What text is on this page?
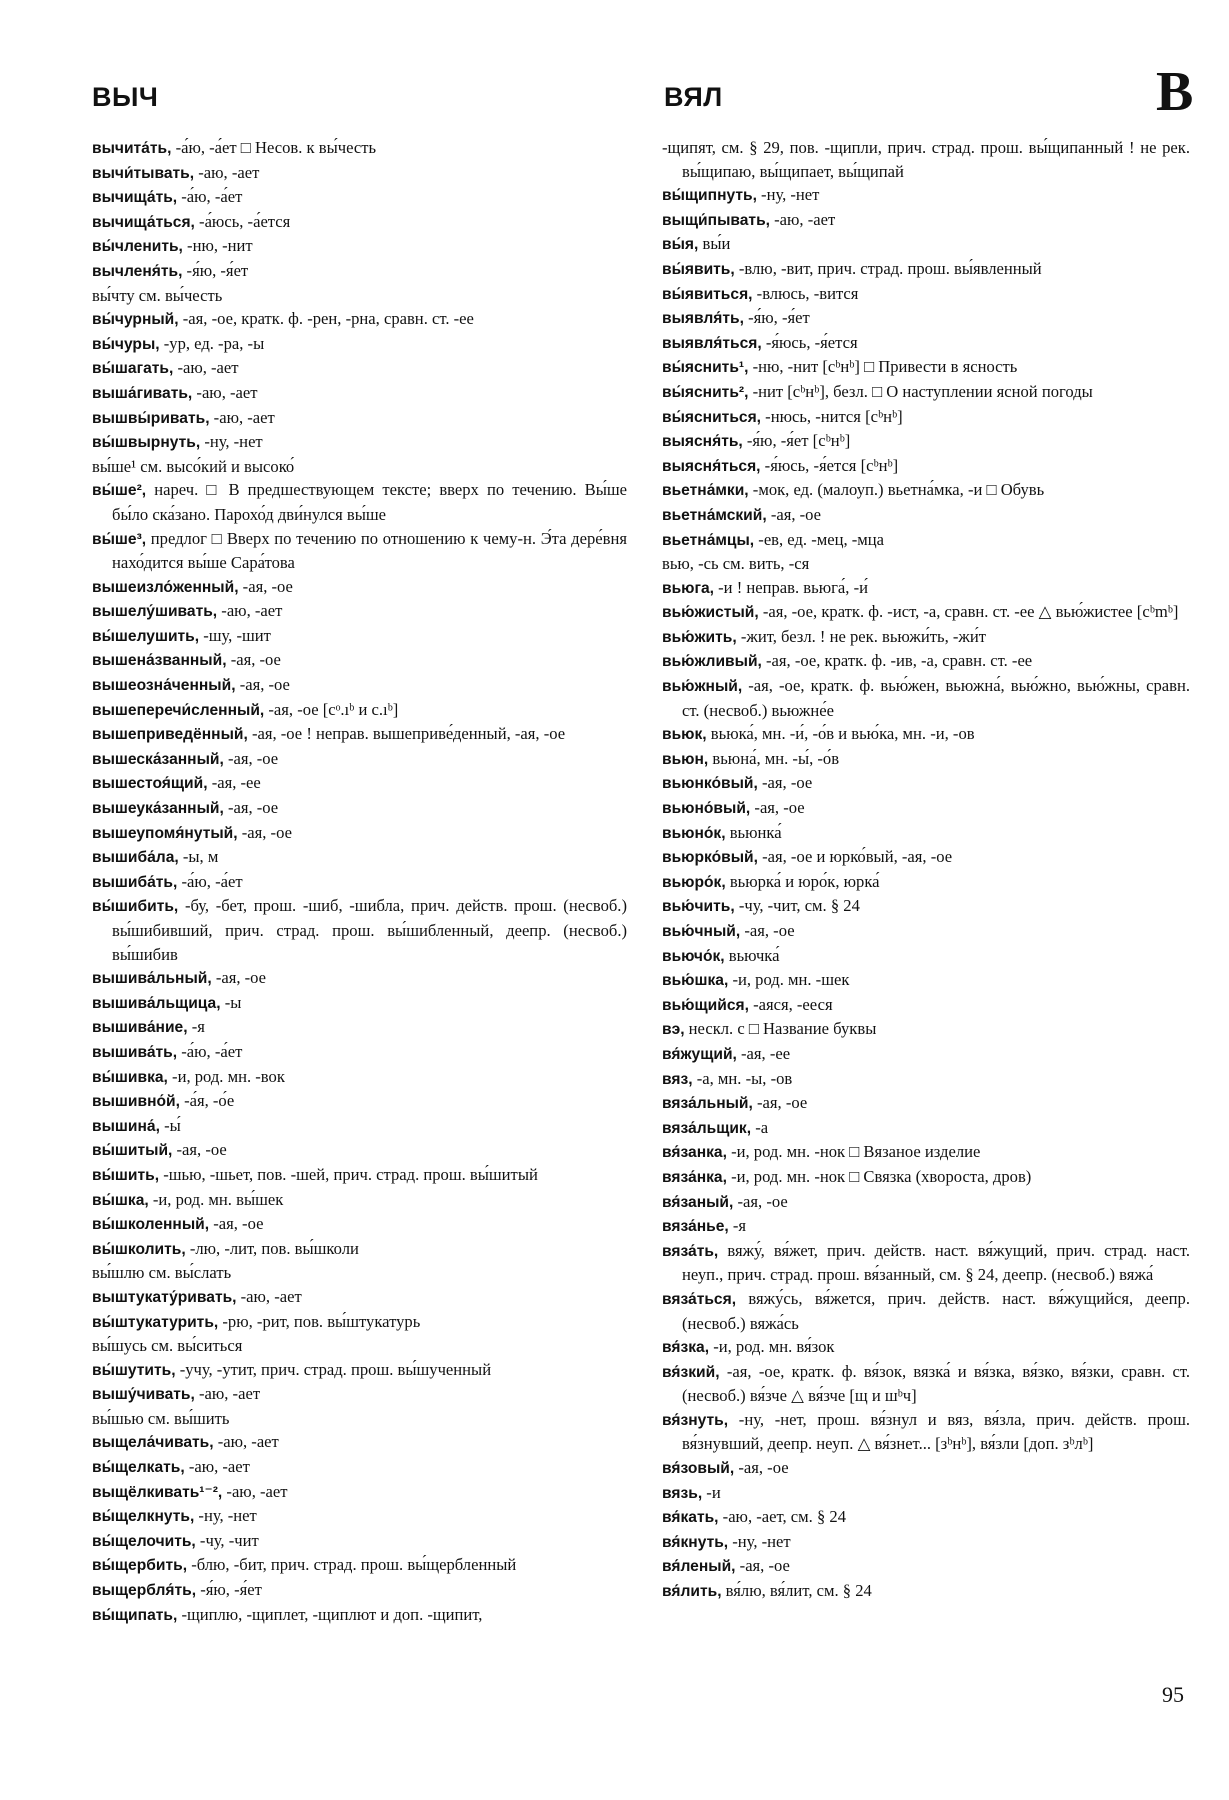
ВЫЧ	ВЯЛ	В

вычита́ть, -а́ю, -а́ет □ Несов. к вы́честь

вычи́тывать, -аю, -ает

вычища́ть, -а́ю, -а́ет

вычища́ться, -а́юсь, -а́ется

вы́членить, -ню, -нит

вычленя́ть, -я́ю, -я́ет

вы́чту см. вы́честь

вы́чурный, -ая, -ое, кратк. ф. -рен, -рна, сравн. ст. -ее

вы́чуры, -ур, ед. -ра, -ы

вы́шагать, -аю, -ает

выша́гивать, -аю, -ает

вышвы́ривать, -аю, -ает

вы́швырнуть, -ну, -нет

вы́ше¹ см. высо́кий и высоко́

вы́ше², нареч. □ В предшествующем тексте; вверх по течению. Вы́ше бы́ло ска́зано. Парохо́д дви́нулся вы́ше

вы́ше³, предлог □ Вверх по течению по отношению к чему-н. Э́та дере́вня нахо́дится вы́ше Сара́това

вышеизло́женный, -ая, -ое

вышелу́шивать, -аю, -ает

вы́шелушить, -шу, -шит

вышена́званный, -ая, -ое

вышеозна́ченный, -ая, -ое

вышеперечи́сленный, -ая, -ое [сᵒ.ıᵇ и с.ıᵇ]

вышеприведённый, -ая, -ое ! неправ. вышеприве́денный, -ая, -ое

вышеска́занный, -ая, -ое

вышестоя́щий, -ая, -ее

вышеука́занный, -ая, -ое

вышеупомя́нутый, -ая, -ое

вышиба́ла, -ы, м

вышиба́ть, -а́ю, -а́ет

вы́шибить, -бу, -бет, прош. -шиб, -шибла, прич. действ. прош. (несвоб.) вы́шибивший, прич. страд. прош. вы́шибленный, деепр. (несвоб.) вы́шибив

вышива́льный, -ая, -ое

вышива́льщица, -ы

вышива́ние, -я

вышива́ть, -а́ю, -а́ет

вы́шивка, -и, род. мн. -вок

вышивно́й, -а́я, -о́е

вышина́, -ы́

вы́шитый, -ая, -ое

вы́шить, -шью, -шьет, пов. -шей, прич. страд. прош. вы́шитый

вы́шка, -и, род. мн. вы́шек

вы́школенный, -ая, -ое

вы́школить, -лю, -лит, пов. вы́школи

вы́шлю см. вы́слать

выштукату́ривать, -аю, -ает

вы́штукатурить, -рю, -рит, пов. вы́штукатурь

вы́шусь см. вы́ситься

вы́шутить, -учу, -утит, прич. страд. прош. вы́шученный

вышу́чивать, -аю, -ает

вы́шью см. вы́шить

выщела́чивать, -аю, -ает

вы́щелкать, -аю, -ает

выщёлкивать¹⁻², -аю, -ает

вы́щелкнуть, -ну, -нет

вы́щелочить, -чу, -чит

вы́щербить, -блю, -бит, прич. страд. прош. вы́щербленный

выщербля́ть, -я́ю, -я́ет

вы́щипать, -щиплю, -щиплет, -щиплют и доп. -щипит,

-щипят, см. § 29, пов. -щипли, прич. страд. прош. вы́щипанный ! не рек. вы́щипаю, вы́щипает, вы́щипай

вы́щипнуть, -ну, -нет

выщи́пывать, -аю, -ает

вы́я, вы́и

вы́явить, -влю, -вит, прич. страд. прош. вы́явленный

вы́явиться, -влюсь, -вится

выявля́ть, -я́ю, -я́ет

выявля́ться, -я́юсь, -я́ется

вы́яснить¹, -ню, -нит [сᵇнᵇ] □ Привести в ясность

вы́яснить², -нит [сᵇнᵇ], безл. □ О наступлении ясной погоды

вы́ясниться, -нюсь, -нится [сᵇнᵇ]

выясня́ть, -я́ю, -я́ет [сᵇнᵇ]

выясня́ться, -я́юсь, -я́ется [сᵇнᵇ]

вьетна́мки, -мок, ед. (малоуп.) вьетна́мка, -и □ Обувь

вьетна́мский, -ая, -ое

вьетна́мцы, -ев, ед. -мец, -мца

вью, -сь см. вить, -ся

вьюга, -и ! неправ. вьюга́, -и́

вью́жистый, -ая, -ое, кратк. ф. -ист, -а, сравн. ст. -ее △ вью́жистее [сᵇmᵇ]

вью́жить, -жит, безл. ! не рек. вьюжи́ть, -жи́т

вью́жливый, -ая, -ое, кратк. ф. -ив, -а, сравн. ст. -ее

вью́жный, -ая, -ое, кратк. ф. вью́жен, вьюжна́, вью́жно, вью́жны, сравн. ст. (несвоб.) вьюжне́е

вьюк, вьюка́, мн. -и́, -о́в и вью́ка, мн. -и, -ов

вьюн, вьюна́, мн. -ы́, -о́в

вьюнко́вый, -ая, -ое

вьюно́вый, -ая, -ое

вьюно́к, вьюнка́

вьюрко́вый, -ая, -ое и юрко́вый, -ая, -ое

вьюро́к, вьюрка́ и юро́к, юрка́

вью́чить, -чу, -чит, см. § 24

вью́чный, -ая, -ое

вьючо́к, вьючка́

вью́шка, -и, род. мн. -шек

вью́щийся, -аяся, -ееся

вэ, нескл. с □ Название буквы

вя́жущий, -ая, -ее

вяз, -а, мн. -ы, -ов

вяза́льный, -ая, -ое

вяза́льщик, -а

вя́занка, -и, род. мн. -нок □ Вязаное изделие

вяза́нка, -и, род. мн. -нок □ Связка (хвороста, дров)

вя́заный, -ая, -ое

вяза́нье, -я

вяза́ть, вяжу́, вя́жет, прич. действ. наст. вя́жущий, прич. страд. наст. неуп., прич. страд. прош. вя́занный, см. § 24, деепр. (несвоб.) вяжа́

вяза́ться, вяжу́сь, вя́жется, прич. действ. наст. вя́жущийся, деепр. (несвоб.) вяжа́сь

вя́зка, -и, род. мн. вя́зок

вя́зкий, -ая, -ое, кратк. ф. вя́зок, вязка́ и вя́зка, вя́зко, вя́зки, сравн. ст. (несвоб.) вя́зче △ вя́зче [щ и шᵇч]

вя́знуть, -ну, -нет, прош. вя́знул и вяз, вя́зла, прич. действ. прош. вя́знувший, деепр. неуп. △ вя́знет... [зᵇнᵇ], вя́зли [доп. зᵇлᵇ]

вя́зовый, -ая, -ое

вязь, -и

вя́кать, -аю, -ает, см. § 24

вя́кнуть, -ну, -нет

вя́леный, -ая, -ое

вя́лить, вя́лю, вя́лит, см. § 24

95
